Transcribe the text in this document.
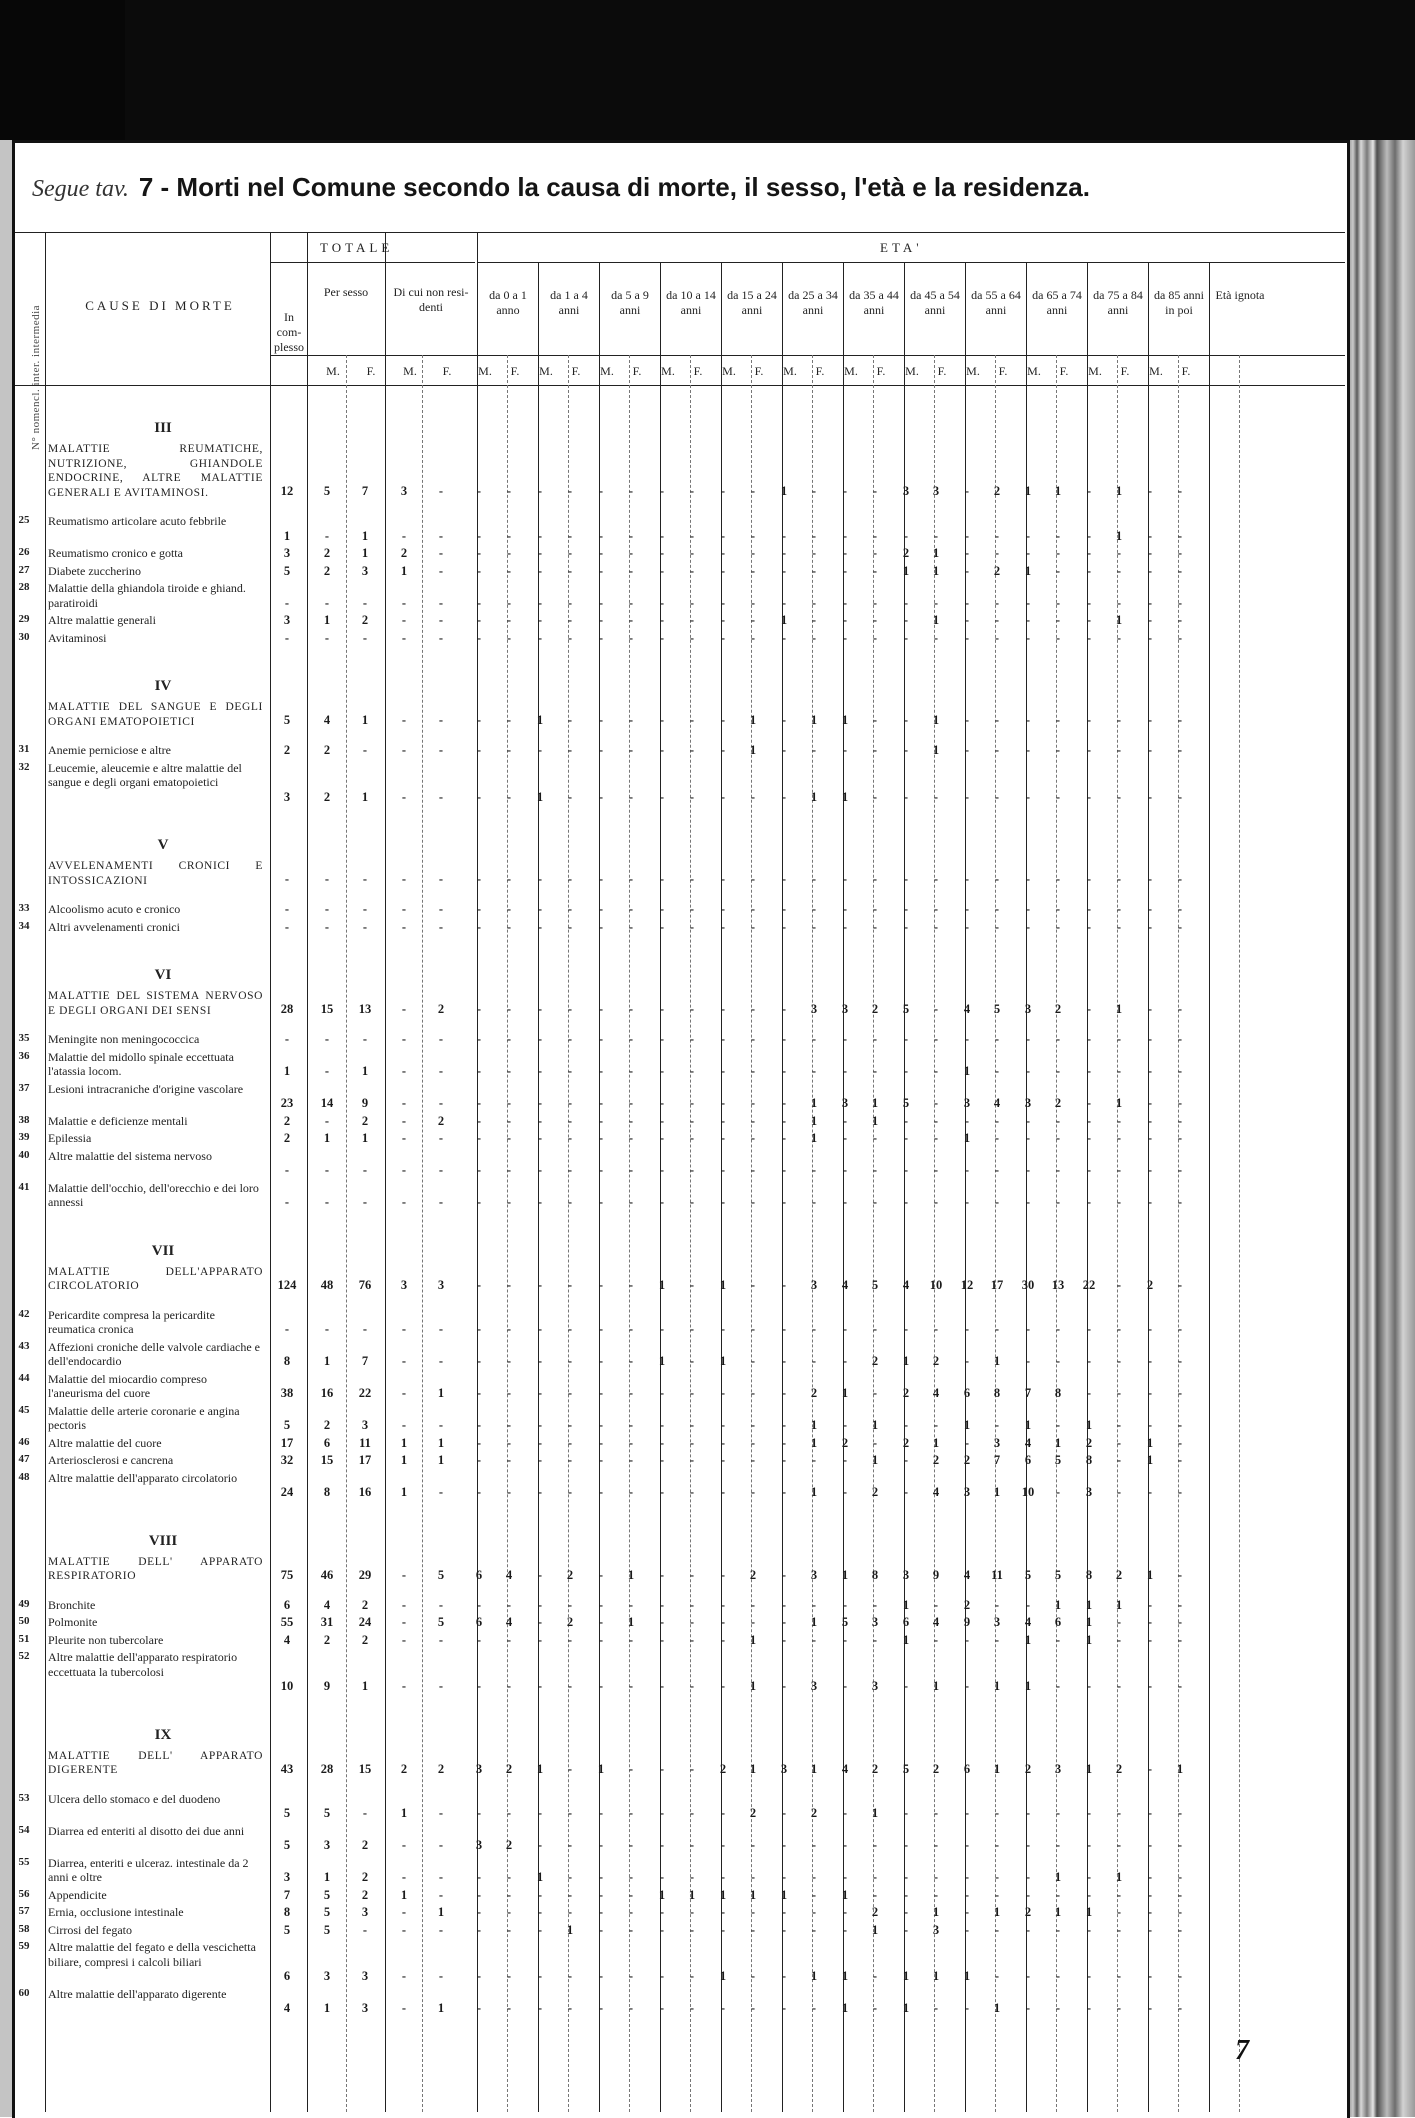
Segue tav. 7 - Morti nel Comune secondo la causa di morte, il sesso, l'età e la residenza.
N° nomencl. inter. intermedia	CAUSE DI MORTE
TOTALE	ETA'
In com- plesso
Per sesso	Di cui non resi- denti
da 0 a 1 anno
da 1 a 4 anni
da 5 a 9 anni
da 10 a 14 anni
da 15 a 24 anni
da 25 a 34 anni
da 35 a 44 anni
da 45 a 54 anni
da 55 a 64 anni
da 65 a 74 anni
da 75 a 84 anni
da 85 anni in poi
Età ignota
M.	F.	M.	F.	M.	F.	M.	F.	M.	F.	M.	F.	M.	F.	M.	F.	M.	F.	M.	F.	M.	F.	M.	F.	M.	F.	M.	F.
III
MALATTIE REUMATICHE, NUTRIZIONE, GHIANDOLE ENDOCRINE, ALTRE MALATTIE GENERALI E AVITAMINOSI.	12	5	7	3	-	-	-	-	-	-	-	-	-	-	-	1	-	-	-	3	3	-	2	1	1	-	1	-	-
25	Reumatismo articolare acuto febbrile
1	-	1	-	-	-	-	-	-	-	-	-	-	-	-	-	-	-	-	-	-	-	-	-	-	-	1	-	-
26	Reumatismo cronico e gotta	3	2	1	2	-	-	-	-	-	-	-	-	-	-	-	-	-	-	-	2	1	-	-	-	-	-	-	-	-
27	Diabete zuccherino	5	2	3	1	-	-	-	-	-	-	-	-	-	-	-	-	-	-	-	1	1	-	2	1	-	-	-	-	-
28	Malattie della ghiandola tiroide e ghiand. paratiroidi	-	-	-	-	-	-	-	-	-	-	-	-	-	-	-	-	-	-	-	-	-	-	-	-	-	-	-	-	-
29	Altre malattie generali	3	1	2	-	-	-	-	-	-	-	-	-	-	-	-	1	-	-	-	-	1	-	-	-	-	-	1	-	-
30	Avitaminosi	-	-	-	-	-	-	-	-	-	-	-	-	-	-	-	-	-	-	-	-	-	-	-	-	-	-	-	-	-
IV
MALATTIE DEL SANGUE E DEGLI ORGANI EMATOPOIETICI	5	4	1	-	-	-	-	1	-	-	-	-	-	-	1	-	1	1	-	-	1	-	-	-	-	-	-	-	-
31	Anemie perniciose e altre	2	2	-	-	-	-	-	-	-	-	-	-	-	-	1	-	-	-	-	-	1	-	-	-	-	-	-	-	-
32	Leucemie, aleucemie e altre malattie del sangue e degli organi ematopoietici
3	2	1	-	-	-	-	1	-	-	-	-	-	-	-	-	1	1	-	-	-	-	-	-	-	-	-	-	-
V
AVVELENAMENTI CRONICI E INTOSSICAZIONI	-	-	-	-	-	-	-	-	-	-	-	-	-	-	-	-	-	-	-	-	-	-	-	-	-	-	-	-	-
33	Alcoolismo acuto e cronico	-	-	-	-	-	-	-	-	-	-	-	-	-	-	-	-	-	-	-	-	-	-	-	-	-	-	-	-	-
34	Altri avvelenamenti cronici	-	-	-	-	-	-	-	-	-	-	-	-	-	-	-	-	-	-	-	-	-	-	-	-	-	-	-	-	-
VI
MALATTIE DEL SISTEMA NERVOSO E DEGLI ORGANI DEI SENSI	28	15	13	-	2	-	-	-	-	-	-	-	-	-	-	-	3	3	2	5	-	4	5	3	2	-	1	-	-
35	Meningite non meningococcica	-	-	-	-	-	-	-	-	-	-	-	-	-	-	-	-	-	-	-	-	-	-	-	-	-	-	-	-	-
36	Malattie del midollo spinale eccettuata l'atassia locom.	1	-	1	-	-	-	-	-	-	-	-	-	-	-	-	-	-	-	-	-	-	1	-	-	-	-	-	-	-
37	Lesioni intracraniche d'origine vascolare
23	14	9	-	-	-	-	-	-	-	-	-	-	-	-	-	1	3	1	5	-	3	4	3	2	-	1	-	-
38	Malattie e deficienze mentali	2	-	2	-	2	-	-	-	-	-	-	-	-	-	-	-	1	-	1	-	-	-	-	-	-	-	-	-	-
39	Epilessia	2	1	1	-	-	-	-	-	-	-	-	-	-	-	-	-	1	-	-	-	-	1	-	-	-	-	-	-	-
40	Altre malattie del sistema nervoso
-	-	-	-	-	-	-	-	-	-	-	-	-	-	-	-	-	-	-	-	-	-	-	-	-	-	-	-	-
41	Malattie dell'occhio, dell'orecchio e dei loro annessi	-	-	-	-	-	-	-	-	-	-	-	-	-	-	-	-	-	-	-	-	-	-	-	-	-	-	-	-	-
VII
MALATTIE DELL'APPARATO CIRCOLATORIO	124	48	76	3	3	-	-	-	-	-	-	1	-	1	-	-	3	4	5	4	10	12	17	30	13	22	-	2	-
42	Pericardite compresa la pericardite reumatica cronica	-	-	-	-	-	-	-	-	-	-	-	-	-	-	-	-	-	-	-	-	-	-	-	-	-	-	-	-	-
43	Affezioni croniche delle valvole cardiache e dell'endocardio	8	1	7	-	-	-	-	-	-	-	-	1	-	1	-	-	-	-	2	1	2	-	1	-	-	-	-	-	-
44	Malattie del miocardio compreso l'aneurisma del cuore	38	16	22	-	1	-	-	-	-	-	-	-	-	-	-	-	2	1	-	2	4	6	8	7	8	-	-	-	-
45	Malattie delle arterie coronarie e angina pectoris	5	2	3	-	-	-	-	-	-	-	-	-	-	-	-	-	1	-	1	-	-	1	-	1	-	1	-	-	-
46	Altre malattie del cuore	17	6	11	1	1	-	-	-	-	-	-	-	-	-	-	-	1	2	-	2	1	-	3	4	1	2	-	1	-
47	Arteriosclerosi e cancrena	32	15	17	1	1	-	-	-	-	-	-	-	-	-	-	-	-	-	1	-	2	2	7	6	5	8	-	1	-
48	Altre malattie dell'apparato circolatorio
24	8	16	1	-	-	-	-	-	-	-	-	-	-	-	-	1	-	2	-	4	3	1	10	-	3	-	-	-
VIII
MALATTIE DELL' APPARATO RESPIRATORIO	75	46	29	-	5	6	4	-	2	-	1	-	-	-	2	-	3	1	8	3	9	4	11	5	5	8	2	1	-
49	Bronchite	6	4	2	-	-	-	-	-	-	-	-	-	-	-	-	-	-	-	-	1	-	2	-	-	1	1	1	-	-
50	Polmonite	55	31	24	-	5	6	4	-	2	-	1	-	-	-	-	-	1	5	3	6	4	9	3	4	6	1	-	-	-
51	Pleurite non tubercolare	4	2	2	-	-	-	-	-	-	-	-	-	-	-	1	-	-	-	-	1	-	-	-	1	-	1	-	-	-
52	Altre malattie dell'apparato respiratorio eccettuata la tubercolosi
10	9	1	-	-	-	-	-	-	-	-	-	-	-	1	-	3	-	3	-	1	-	1	1	-	-	-	-	-
IX
MALATTIE DELL' APPARATO DIGERENTE	43	28	15	2	2	3	2	1	-	1	-	-	-	2	1	3	1	4	2	5	2	6	1	2	3	1	2	-	1
53	Ulcera dello stomaco e del duodeno
5	5	-	1	-	-	-	-	-	-	-	-	-	-	2	-	2	-	1	-	-	-	-	-	-	-	-	-	-
54	Diarrea ed enteriti al disotto dei due anni
5	3	2	-	-	3	2	-	-	-	-	-	-	-	-	-	-	-	-	-	-	-	-	-	-	-	-	-	-
55	Diarrea, enteriti e ulceraz. intestinale da 2 anni e oltre	3	1	2	-	-	-	-	1	-	-	-	-	-	-	-	-	-	-	-	-	-	-	-	-	1	-	1	-	-
56	Appendicite	7	5	2	1	-	-	-	-	-	-	-	1	1	1	1	1	-	1	-	-	-	-	-	-	-	-	-	-	-
57	Ernia, occlusione intestinale	8	5	3	-	1	-	-	-	-	-	-	-	-	-	-	-	-	-	2	-	1	-	1	2	1	1	-	-	-
58	Cirrosi del fegato	5	5	-	-	-	-	-	-	1	-	-	-	-	-	-	-	-	-	1	-	3	-	-	-	-	-	-	-	-
59	Altre malattie del fegato e della vescichetta biliare, compresi i calcoli biliari
6	3	3	-	-	-	-	-	-	-	-	-	-	1	-	-	1	1	-	1	1	1	-	-	-	-	-	-	-
60	Altre malattie dell'apparato digerente
4	1	3	-	1	-	-	-	-	-	-	-	-	-	-	-	-	1	-	1	-	-	1	-	-	-	-	-	-
7
